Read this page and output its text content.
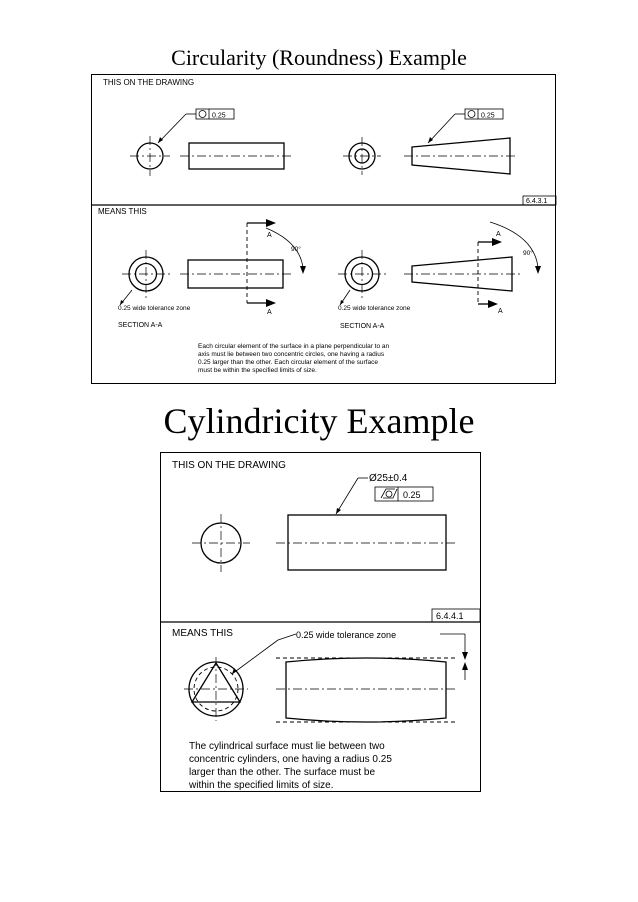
Circularity (Roundness) Example
THIS ON THE DRAWING
MEANS THIS
6.4.3.1
0.25	0.25
0.25 wide tolerance zone
SECTION A-A
A
A
90°
0.25 wide tolerance zone
SECTION A-A
A
A
90°
Each circular element of the surface in a plane perpendicular to an
axis must lie between two concentric circles, one having a radius
0.25 larger than the other. Each circular element of the surface
must be within the specified limits of size.
Cylindricity Example
THIS ON THE DRAWING
MEANS THIS
6.4.4.1
Ø25±0.4
0.25
0.25 wide tolerance zone
The cylindrical surface must lie between two
concentric cylinders, one having a radius 0.25
larger than the other. The surface must be
within the specified limits of size.
